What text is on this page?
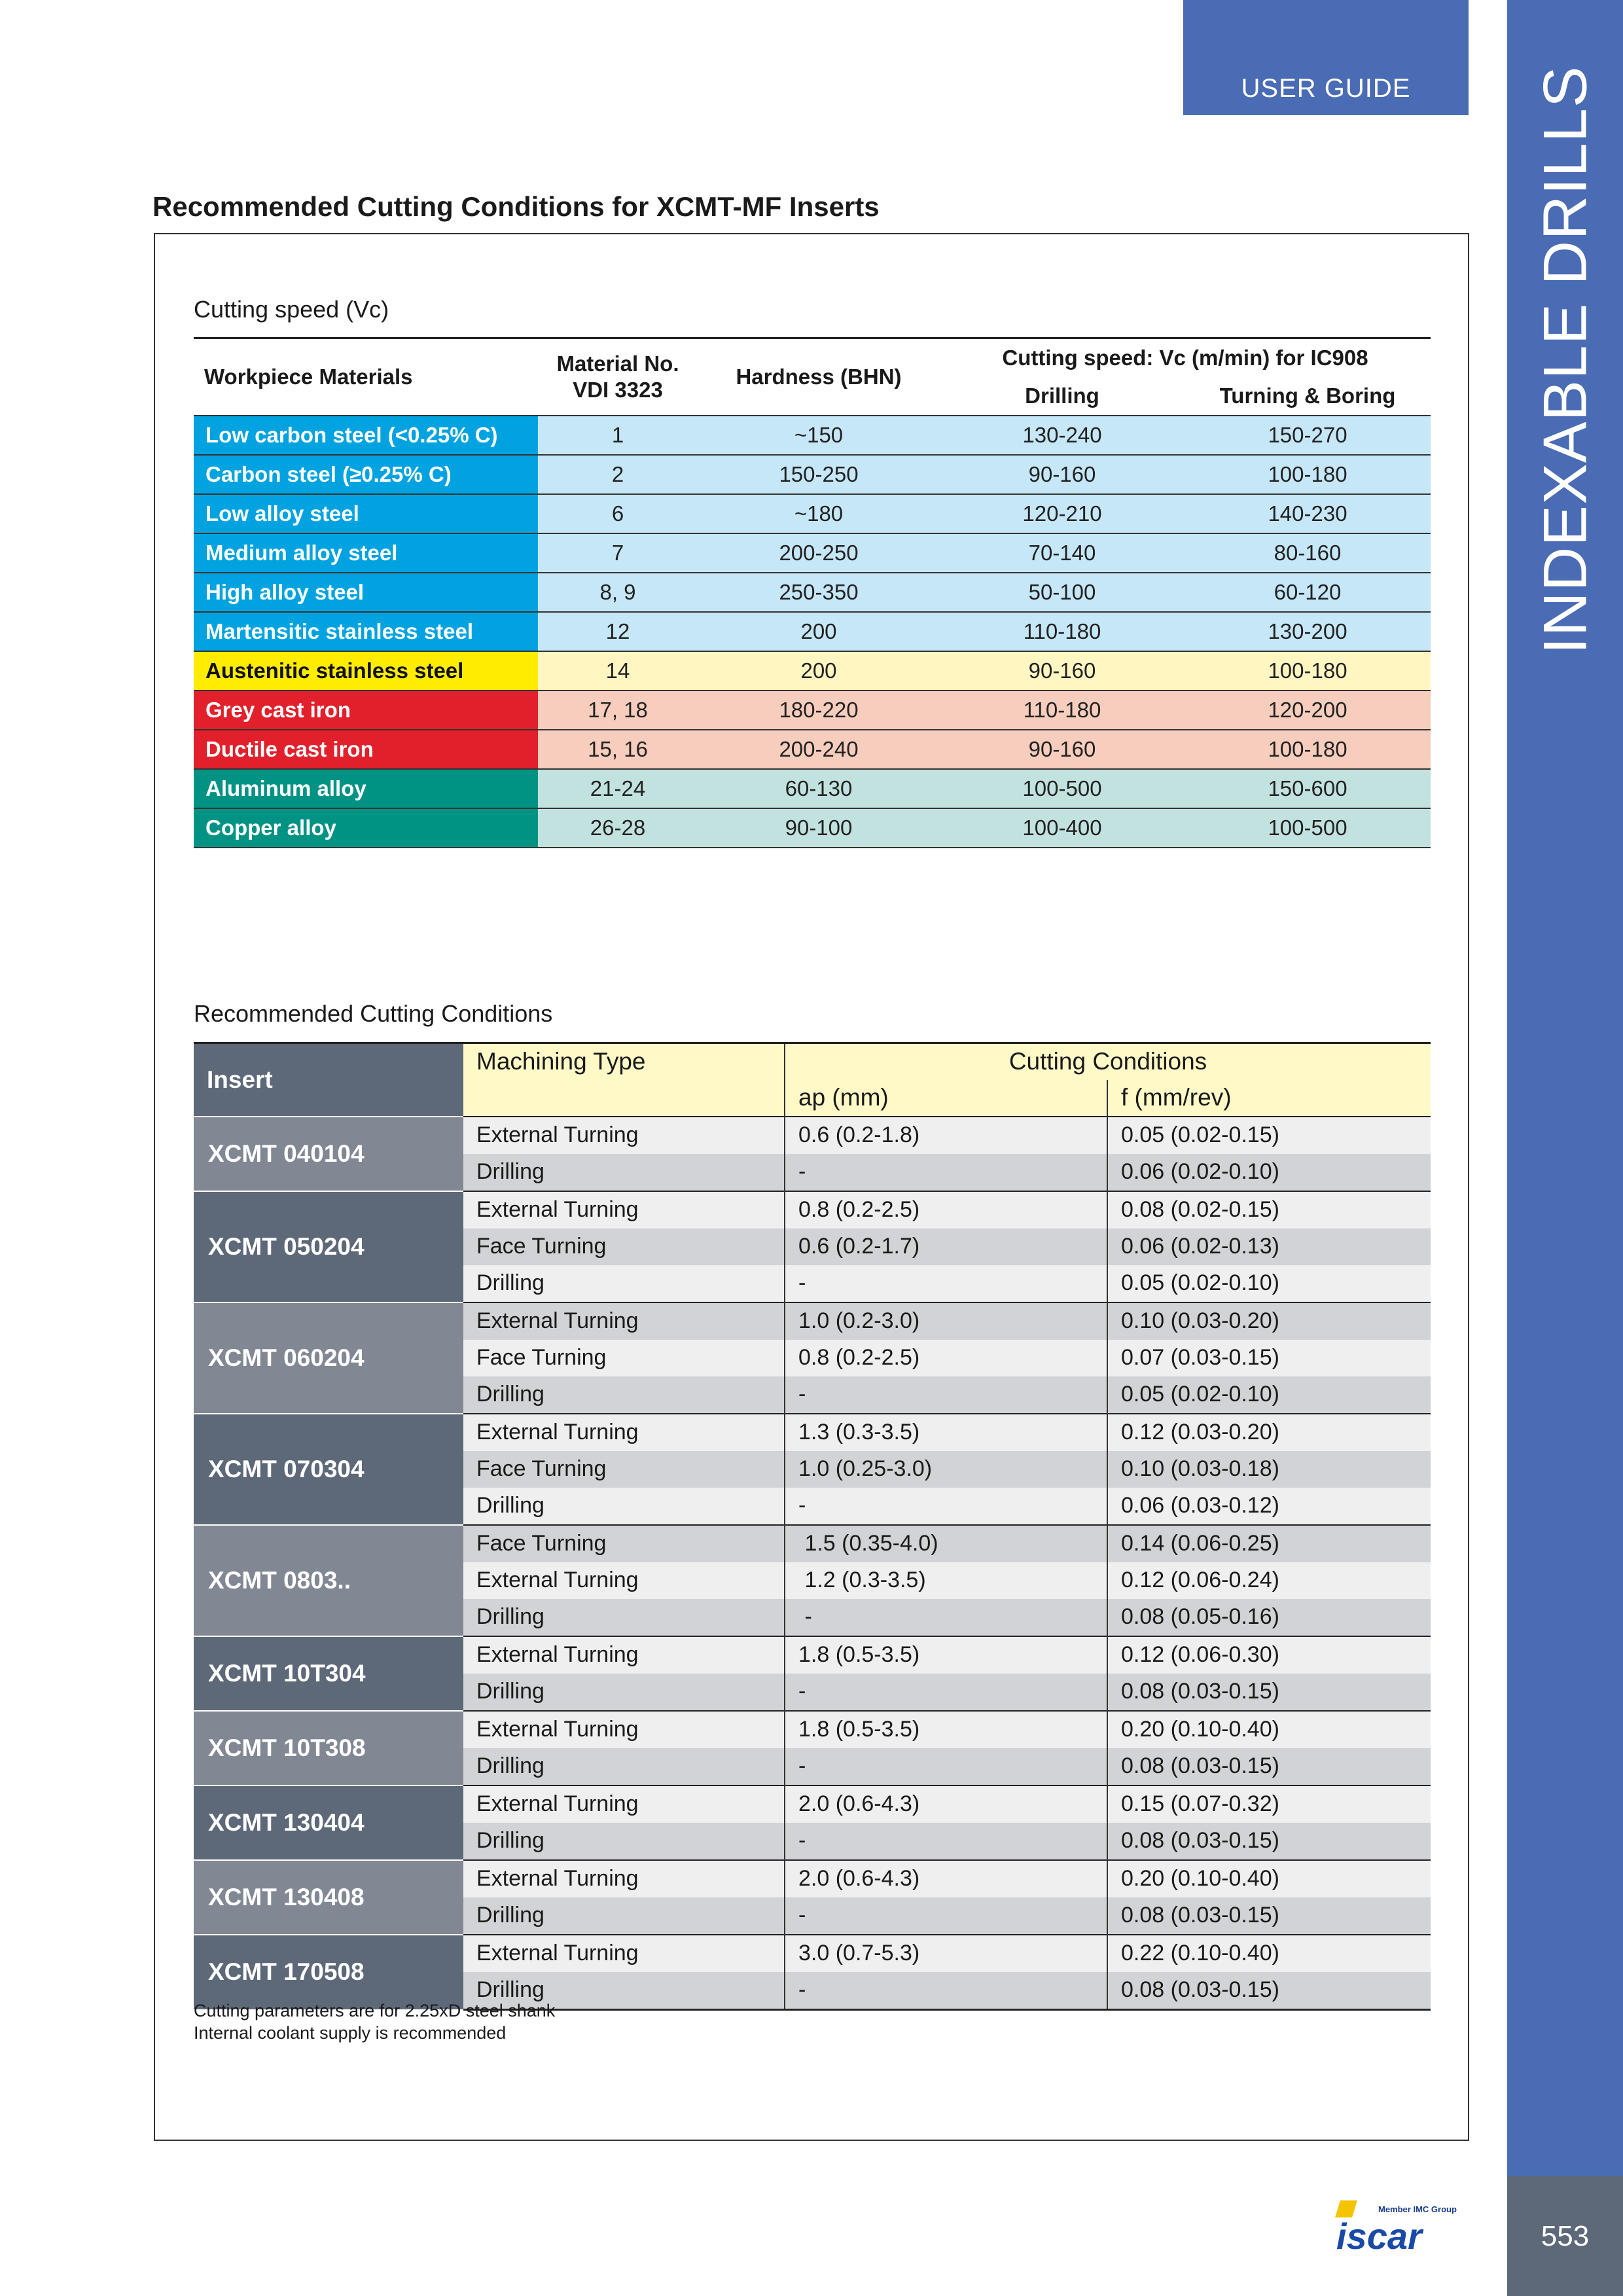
USER GUIDE INDEXABLE DRILLS
553
Recommended Cutting Conditions for XCMT-MF Inserts
Cutting speed (Vc)
Workpiece Materials	Material No. VDI 3323	Hardness (BHN)	Cutting speed: Vc (m/min) for IC908	
			Drilling	Turning & Boring
Low carbon steel (<0.25% C)	1	~150	130-240	150-270
Carbon steel (≥0.25% C)	2	150-250	90-160	100-180
Low alloy steel	6	~180	120-210	140-230
Medium alloy steel	7	200-250	70-140	80-160
High alloy steel	8, 9	250-350	50-100	60-120
Martensitic stainless steel	12	200	110-180	130-200
Austenitic stainless steel	14	200	90-160	100-180
Grey cast iron	17, 18	180-220	110-180	120-200
Ductile cast iron	15, 16	200-240	90-160	100-180
Aluminum alloy	21-24	60-130	100-500	150-600
Copper alloy	26-28	90-100	100-400	100-500
Recommended Cutting Conditions
Insert	Machining Type	Cutting Conditions	
		ap (mm)	f (mm/rev)
XCMT 040104	External Turning	0.6 (0.2-1.8)	0.05 (0.02-0.15)
	Drilling	-	0.06 (0.02-0.10)
XCMT 050204	External Turning	0.8 (0.2-2.5)	0.08 (0.02-0.15)
	Face Turning	0.6 (0.2-1.7)	0.06 (0.02-0.13)
	Drilling	-	0.05 (0.02-0.10)
XCMT 060204	External Turning	1.0 (0.2-3.0)	0.10 (0.03-0.20)
	Face Turning	0.8 (0.2-2.5)	0.07 (0.03-0.15)
	Drilling	-	0.05 (0.02-0.10)
XCMT 070304	External Turning	1.3 (0.3-3.5)	0.12 (0.03-0.20)
	Face Turning	1.0 (0.25-3.0)	0.10 (0.03-0.18)
	Drilling	-	0.06 (0.03-0.12)
XCMT 0803..	Face Turning	1.5 (0.35-4.0)	0.14 (0.06-0.25)
	External Turning	1.2 (0.3-3.5)	0.12 (0.06-0.24)
	Drilling	-	0.08 (0.05-0.16)
XCMT 10T304	External Turning	1.8 (0.5-3.5)	0.12 (0.06-0.30)
	Drilling	-	0.08 (0.03-0.15)
XCMT 10T308	External Turning	1.8 (0.5-3.5)	0.20 (0.10-0.40)
	Drilling	-	0.08 (0.03-0.15)
XCMT 130404	External Turning	2.0 (0.6-4.3)	0.15 (0.07-0.32)
	Drilling	-	0.08 (0.03-0.15)
XCMT 130408	External Turning	2.0 (0.6-4.3)	0.20 (0.10-0.40)
	Drilling	-	0.08 (0.03-0.15)
XCMT 170508	External Turning	3.0 (0.7-5.3)	0.22 (0.10-0.40)
	Drilling	-	0.08 (0.03-0.15)
Cutting parameters are for 2.25xD steel shank
Internal coolant supply is recommended
Member IMC Group
iscar
